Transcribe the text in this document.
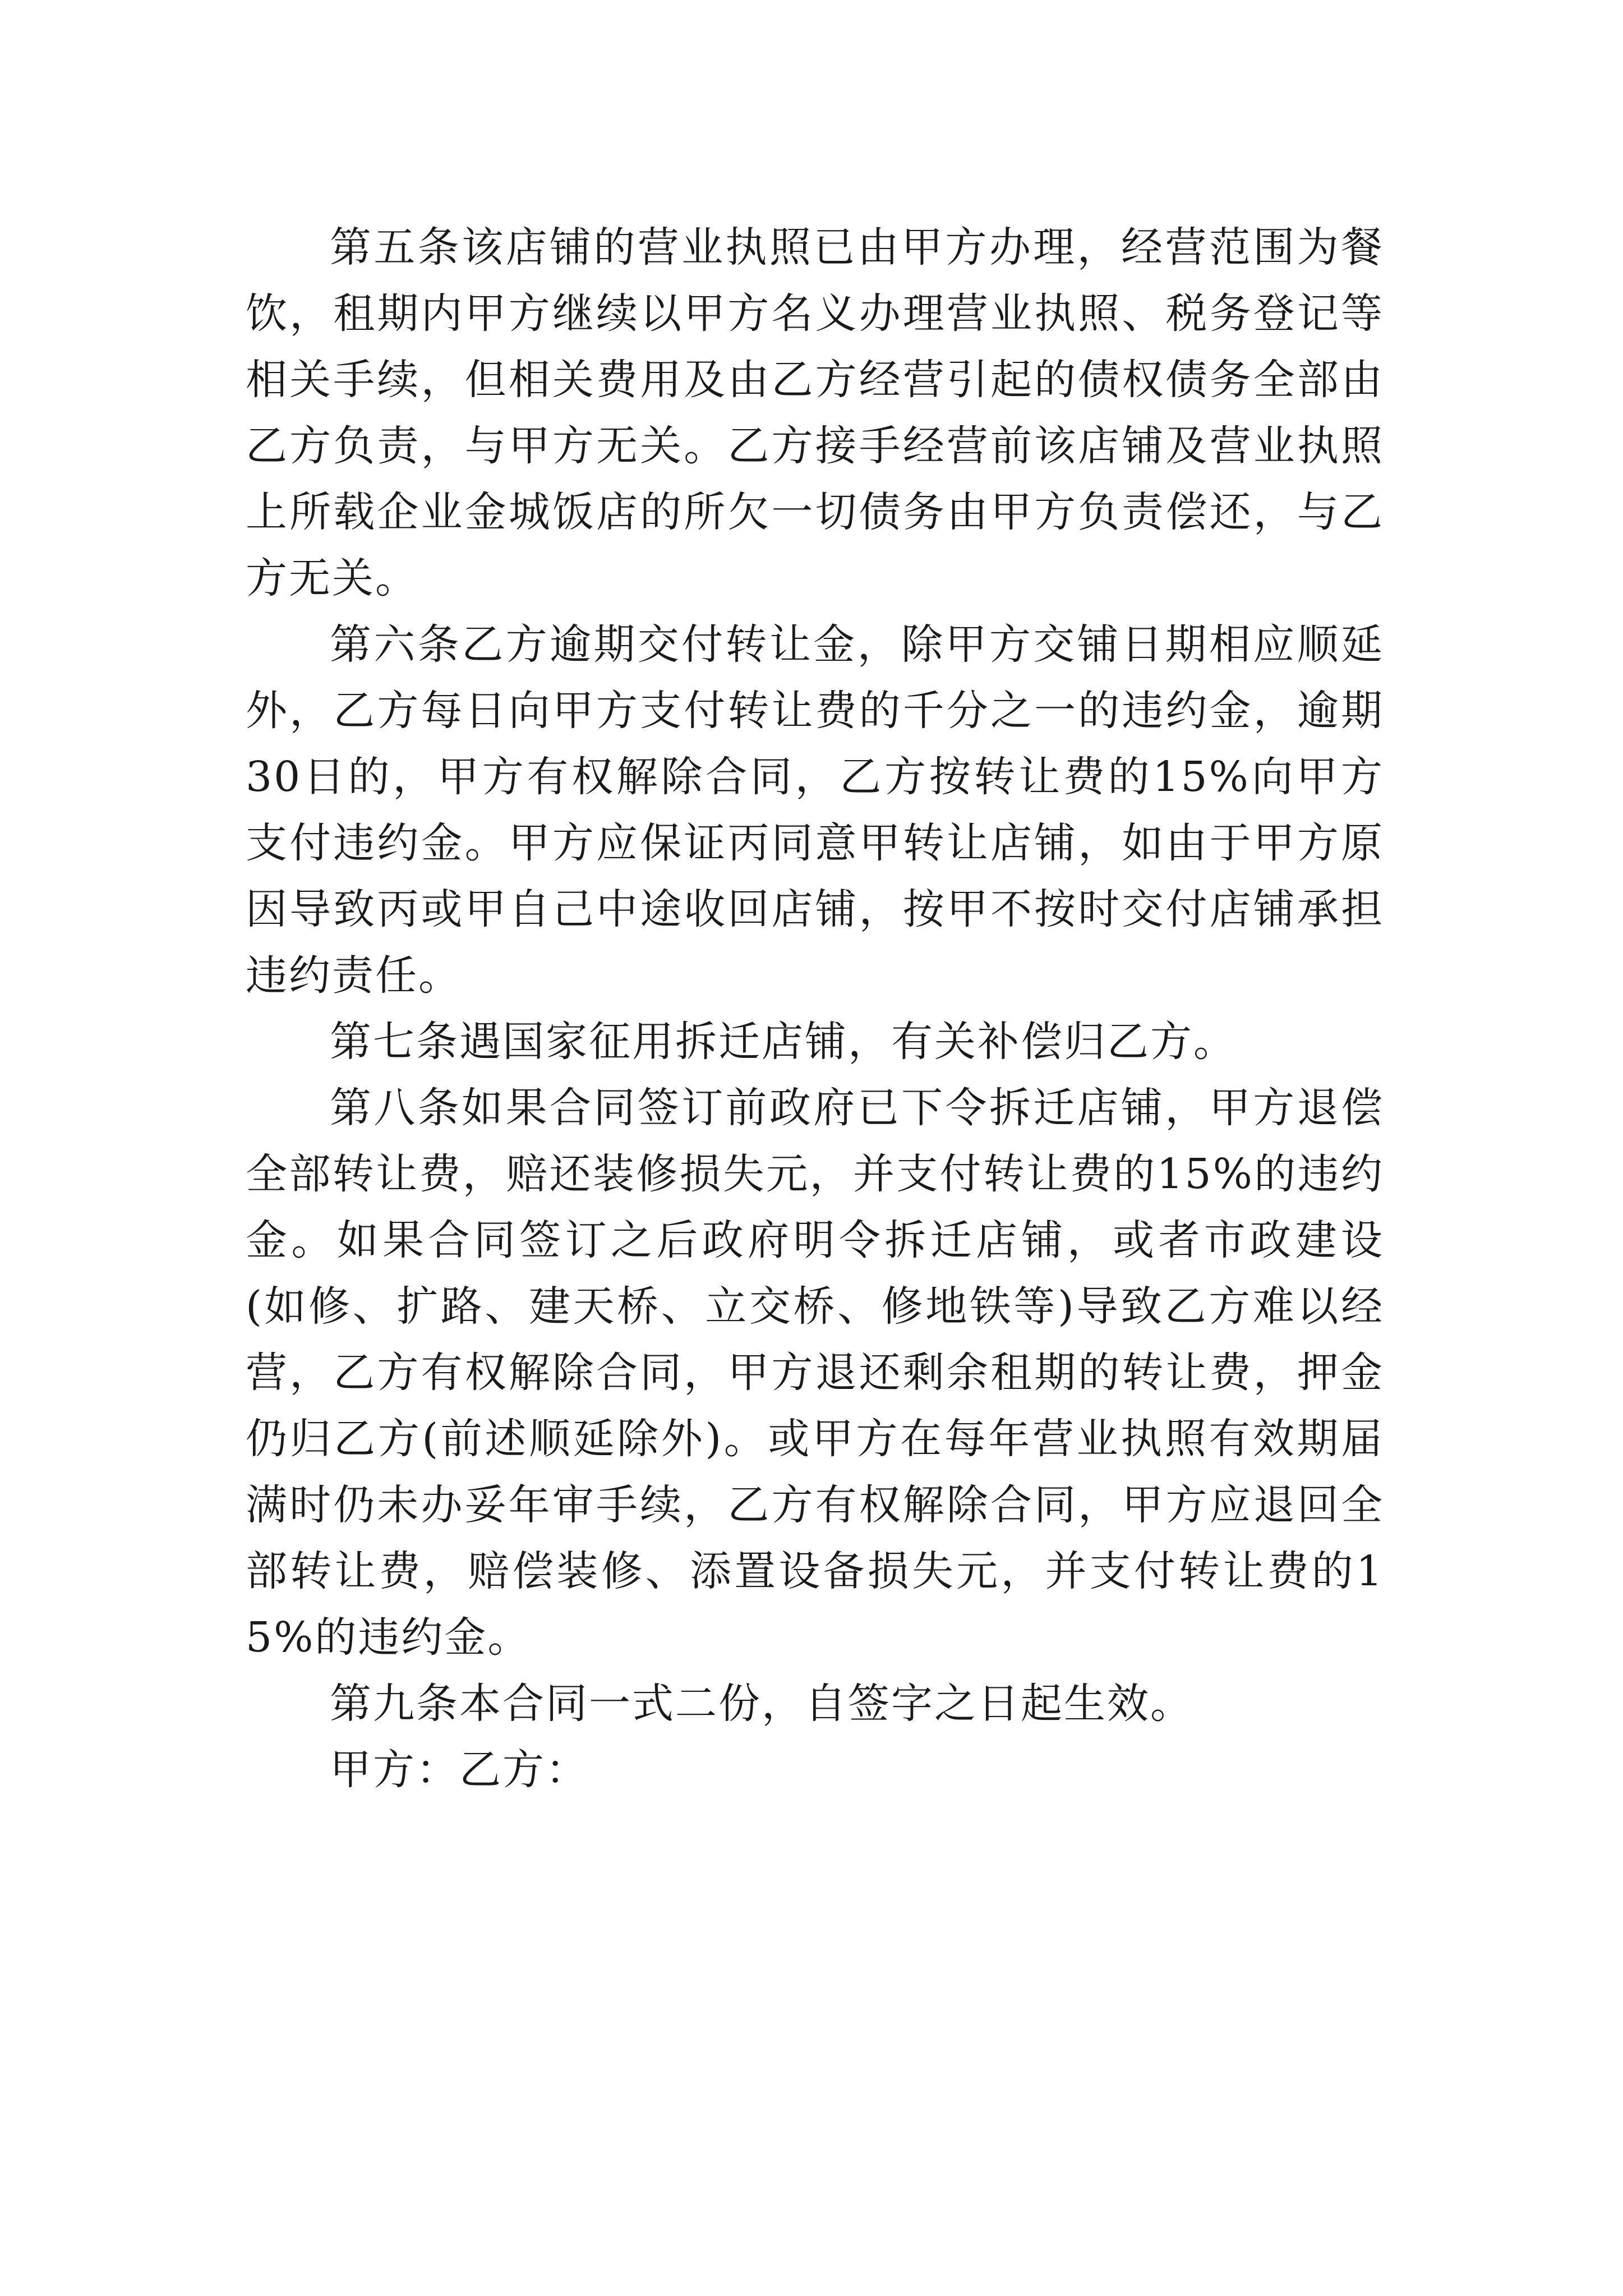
第五条该店铺的营业执照已由甲方办理，经营范围为餐饮，租期内甲方继续以甲方名义办理营业执照、税务登记等相关手续，但相关费用及由乙方经营引起的债权债务全部由乙方负责，与甲方无关。乙方接手经营前该店铺及营业执照上所载企业金城饭店的所欠一切债务由甲方负责偿还，与乙方无关。

第六条乙方逾期交付转让金，除甲方交铺日期相应顺延外，乙方每日向甲方支付转让费的千分之一的违约金，逾期30日的，甲方有权解除合同，乙方按转让费的15%向甲方支付违约金。甲方应保证丙同意甲转让店铺，如由于甲方原因导致丙或甲自己中途收回店铺，按甲不按时交付店铺承担违约责任。

第七条遇国家征用拆迁店铺，有关补偿归乙方。

第八条如果合同签订前政府已下令拆迁店铺，甲方退偿全部转让费，赔还装修损失元，并支付转让费的15%的违约金。如果合同签订之后政府明令拆迁店铺，或者市政建设(如修、扩路、建天桥、立交桥、修地铁等)导致乙方难以经营，乙方有权解除合同，甲方退还剩余租期的转让费，押金仍归乙方(前述顺延除外)。或甲方在每年营业执照有效期届满时仍未办妥年审手续，乙方有权解除合同，甲方应退回全部转让费，赔偿装修、添置设备损失元，并支付转让费的15%的违约金。

第九条本合同一式二份，自签字之日起生效。

甲方：乙方：
